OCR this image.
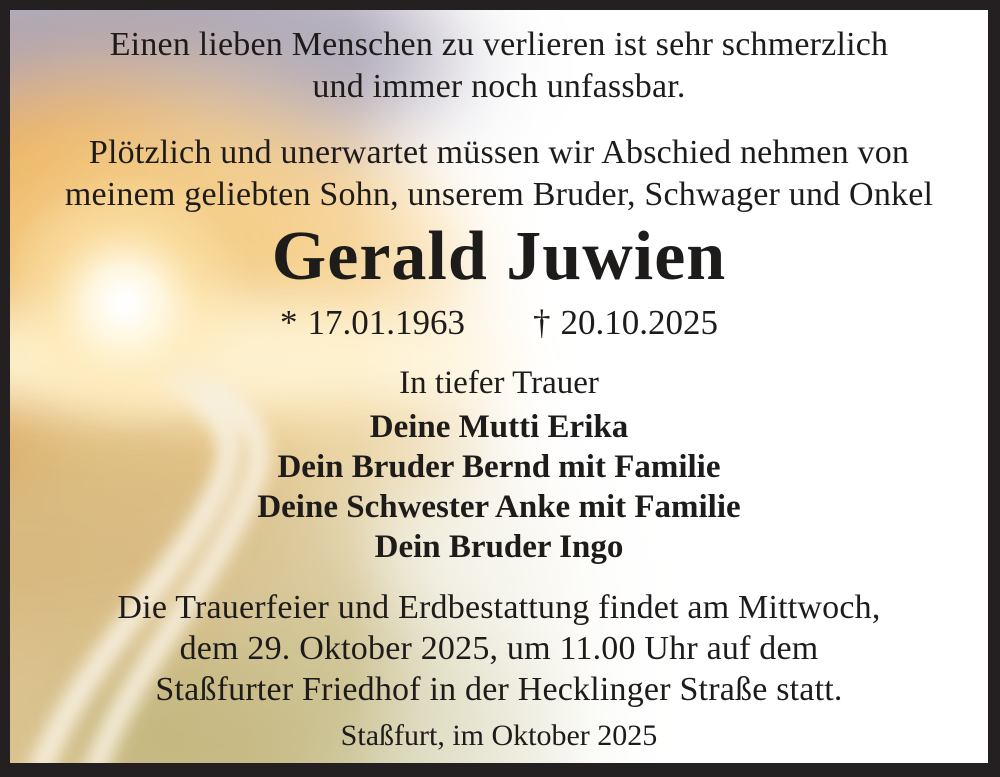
Einen lieben Menschen zu verlieren ist sehr schmerzlich
und immer noch unfassbar.

Plötzlich und unerwartet müssen wir Abschied nehmen von
meinem geliebten Sohn, unserem Bruder, Schwager und Onkel

Gerald Juwien
* 17.01.1963 † 20.10.2025
In tiefer Trauer
Deine Mutti Erika
Dein Bruder Bernd mit Familie
Deine Schwester Anke mit Familie
Dein Bruder Ingo

Die Trauerfeier und Erdbestattung findet am Mittwoch,
dem 29. Oktober 2025, um 11.00 Uhr auf dem
Staßfurter Friedhof in der Hecklinger Straße statt.

Staßfurt, im Oktober 2025
